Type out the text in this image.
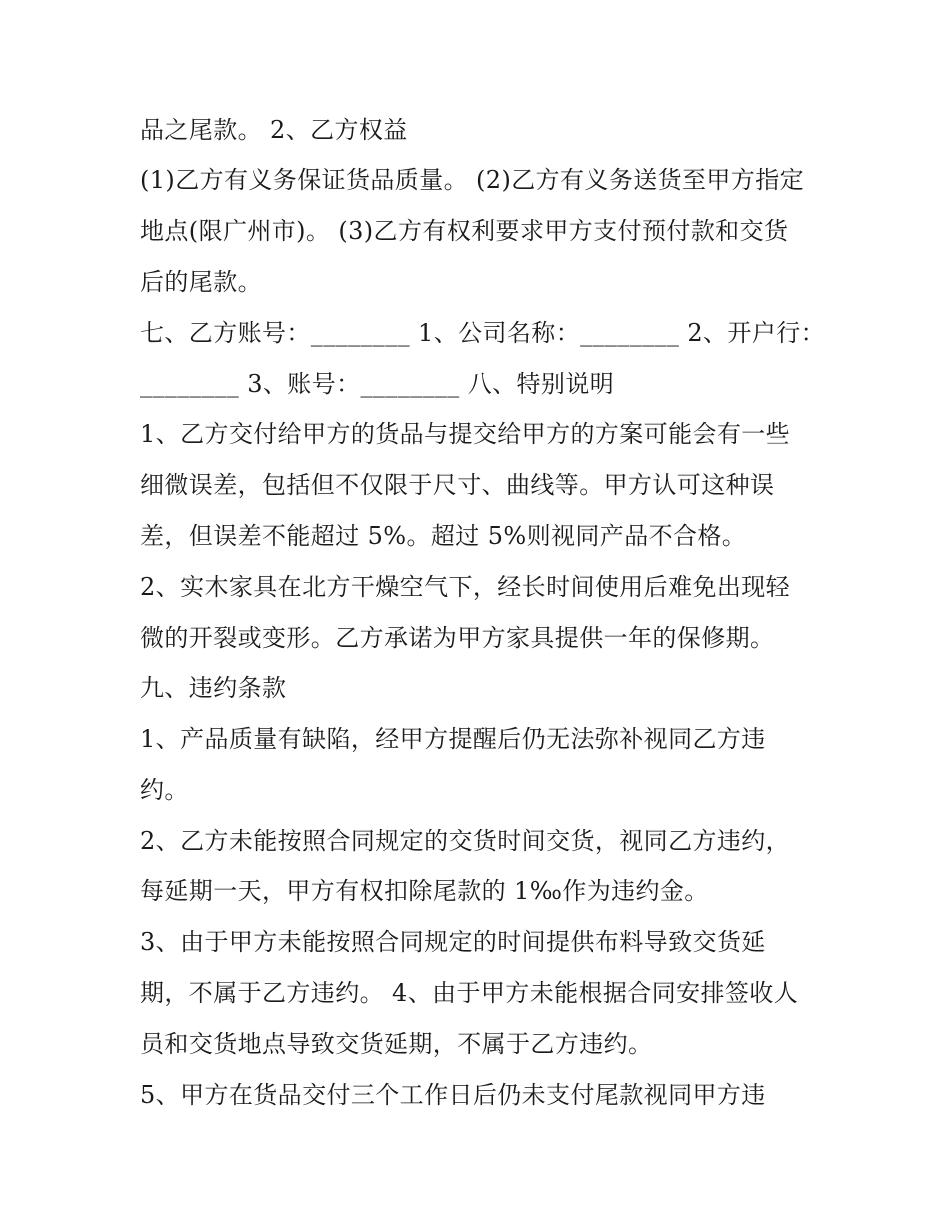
品之尾款。 2、乙方权益
(1)乙方有义务保证货品质量。 (2)乙方有义务送货至甲方指定
地点(限广州市)。 (3)乙方有权利要求甲方支付预付款和交货
后的尾款。
七、乙方账号：________ 1、公司名称：________ 2、开户行：
________ 3、账号：________ 八、特别说明
1、乙方交付给甲方的货品与提交给甲方的方案可能会有一些
细微误差，包括但不仅限于尺寸、曲线等。甲方认可这种误
差，但误差不能超过 5%。超过 5%则视同产品不合格。
2、实木家具在北方干燥空气下，经长时间使用后难免出现轻
微的开裂或变形。乙方承诺为甲方家具提供一年的保修期。
九、违约条款
1、产品质量有缺陷，经甲方提醒后仍无法弥补视同乙方违
约。
2、乙方未能按照合同规定的交货时间交货，视同乙方违约，
每延期一天，甲方有权扣除尾款的 1‰作为违约金。
3、由于甲方未能按照合同规定的时间提供布料导致交货延
期，不属于乙方违约。 4、由于甲方未能根据合同安排签收人
员和交货地点导致交货延期，不属于乙方违约。
5、甲方在货品交付三个工作日后仍未支付尾款视同甲方违
